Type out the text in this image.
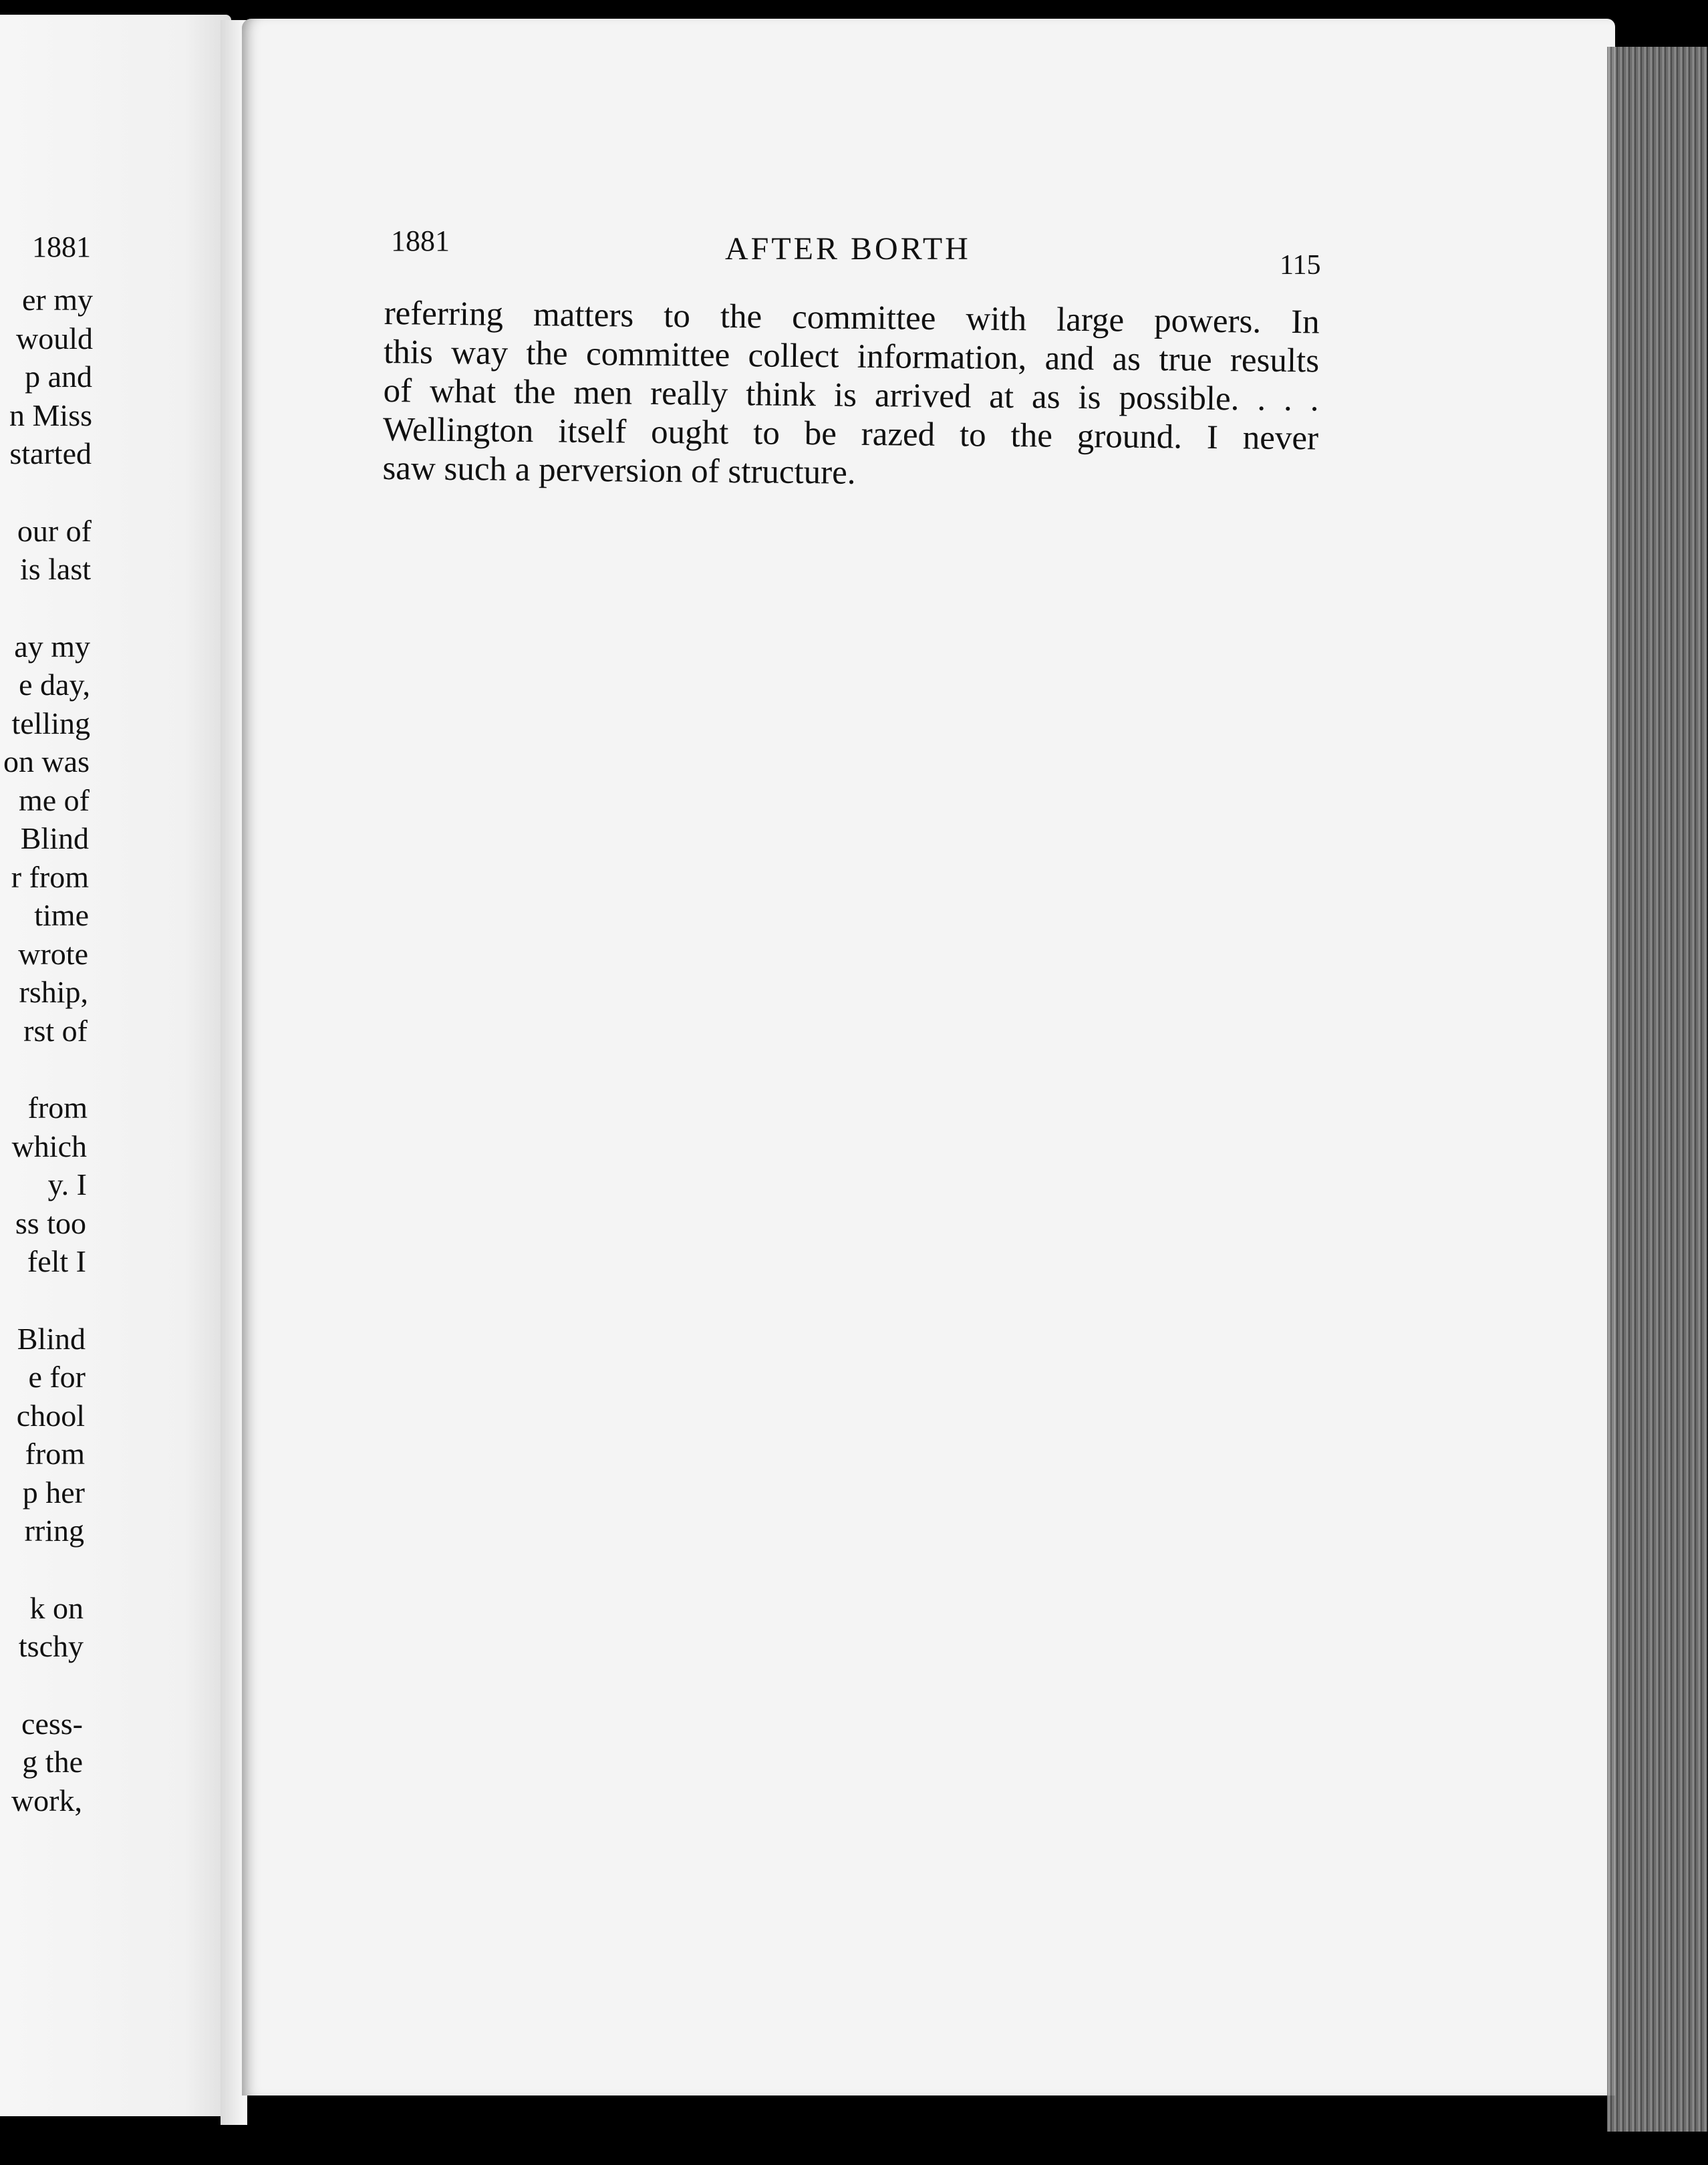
1881
er my
would
p and
n Miss
started
our of
is last
ay my
e day,
telling
on was
me of
Blind
r from
time
wrote
rship,
rst of
from
which
y. I
ss too
felt I
Blind
e for
chool
from
p her
rring
k on
tschy
cess-
g the
work,
1881	AFTER BORTH	115
referring matters to the committee with large powers. In
this way the committee collect information, and as true results
of what the men really think is arrived at as is possible. . . .
Wellington itself ought to be razed to the ground. I never
saw such a perversion of structure.
